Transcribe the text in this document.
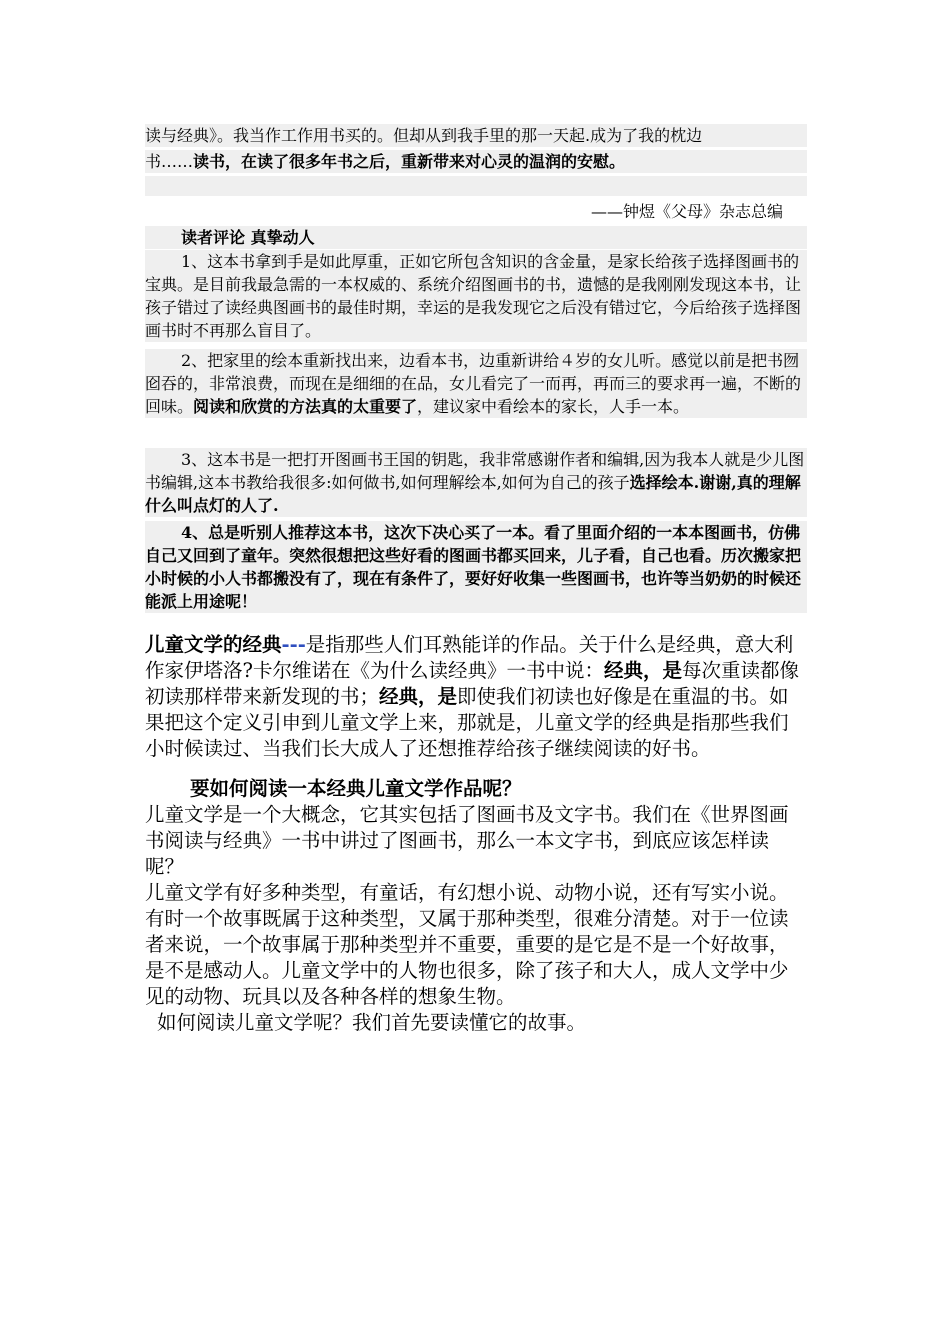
读与经典》。我当作工作用书买的。但却从到我手里的那一天起.成为了我的枕边
书……读书，在读了很多年书之后，重新带来对心灵的温润的安慰。
——钟煜《父母》杂志总编
读者评论 真挚动人
1、这本书拿到手是如此厚重，正如它所包含知识的含金量，是家长给孩子选择图画书的宝典。是目前我最急需的一本权威的、系统介绍图画书的书，遗憾的是我刚刚发现这本书，让孩子错过了读经典图画书的最佳时期，幸运的是我发现它之后没有错过它，今后给孩子选择图画书时不再那么盲目了。
2、把家里的绘本重新找出来，边看本书，边重新讲给４岁的女儿听。感觉以前是把书囫囵吞的，非常浪费，而现在是细细的在品，女儿看完了一而再，再而三的要求再一遍，不断的回味。阅读和欣赏的方法真的太重要了，建议家中看绘本的家长，人手一本。
3、这本书是一把打开图画书王国的钥匙，我非常感谢作者和编辑,因为我本人就是少儿图书编辑,这本书教给我很多:如何做书,如何理解绘本,如何为自己的孩子选择绘本.谢谢,真的理解什么叫点灯的人了.
4、总是听别人推荐这本书，这次下决心买了一本。看了里面介绍的一本本图画书，仿佛自己又回到了童年。突然很想把这些好看的图画书都买回来，儿子看，自己也看。历次搬家把小时候的小人书都搬没有了，现在有条件了，要好好收集一些图画书，也许等当奶奶的时候还能派上用途呢！
儿童文学的经典---是指那些人们耳熟能详的作品。关于什么是经典，意大利作家伊塔洛?卡尔维诺在《为什么读经典》一书中说：经典，是每次重读都像初读那样带来新发现的书；经典，是即使我们初读也好像是在重温的书。如果把这个定义引申到儿童文学上来，那就是，儿童文学的经典是指那些我们小时候读过、当我们长大成人了还想推荐给孩子继续阅读的好书。
要如何阅读一本经典儿童文学作品呢？
儿童文学是一个大概念，它其实包括了图画书及文字书。我们在《世界图画书阅读与经典》一书中讲过了图画书，那么一本文字书，到底应该怎样读呢？
儿童文学有好多种类型，有童话，有幻想小说、动物小说，还有写实小说。有时一个故事既属于这种类型，又属于那种类型，很难分清楚。对于一位读者来说，一个故事属于那种类型并不重要，重要的是它是不是一个好故事，是不是感动人。儿童文学中的人物也很多，除了孩子和大人，成人文学中少见的动物、玩具以及各种各样的想象生物。
如何阅读儿童文学呢？我们首先要读懂它的故事。
